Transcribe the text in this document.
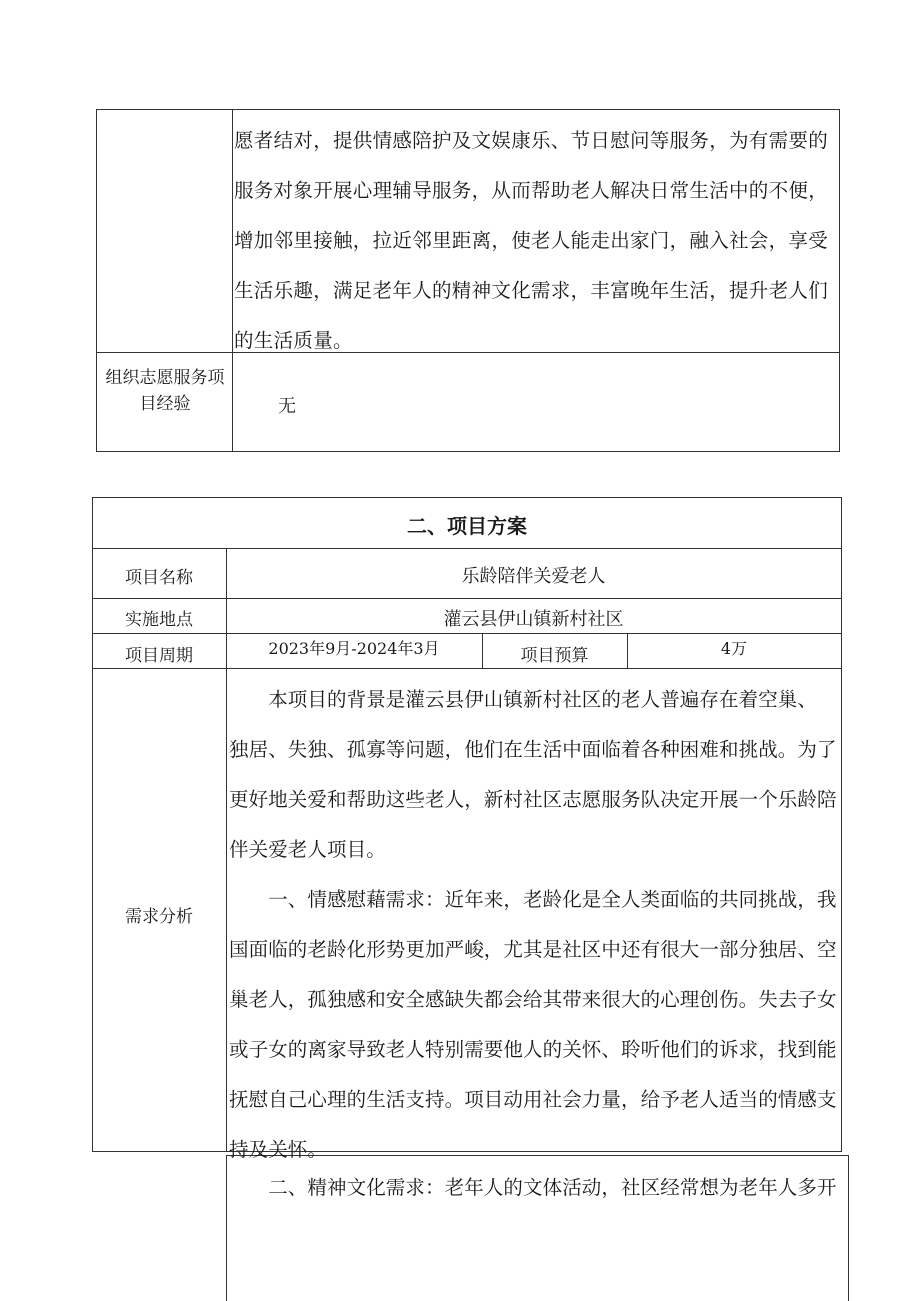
愿者结对，提供情感陪护及文娱康乐、节日慰问等服务，为有需要的
服务对象开展心理辅导服务，从而帮助老人解决日常生活中的不便，
增加邻里接触，拉近邻里距离，使老人能走出家门，融入社会，享受
生活乐趣，满足老年人的精神文化需求，丰富晚年生活，提升老人们
的生活质量。
组织志愿服务项
目经验	无
二、项目方案
项目名称	乐龄陪伴关爱老人
实施地点	灌云县伊山镇新村社区
项目周期	2023年9月-2024年3月	项目预算	4万
需求分析
　　本项目的背景是灌云县伊山镇新村社区的老人普遍存在着空巢、
独居、失独、孤寡等问题，他们在生活中面临着各种困难和挑战。为了
更好地关爱和帮助这些老人，新村社区志愿服务队决定开展一个乐龄陪
伴关爱老人项目。
　　一、情感慰藉需求：近年来，老龄化是全人类面临的共同挑战，我
国面临的老龄化形势更加严峻，尤其是社区中还有很大一部分独居、空
巢老人，孤独感和安全感缺失都会给其带来很大的心理创伤。失去子女
或子女的离家导致老人特别需要他人的关怀、聆听他们的诉求，找到能
抚慰自己心理的生活支持。项目动用社会力量，给予老人适当的情感支
持及关怀。
　　二、精神文化需求：老年人的文体活动，社区经常想为老年人多开
